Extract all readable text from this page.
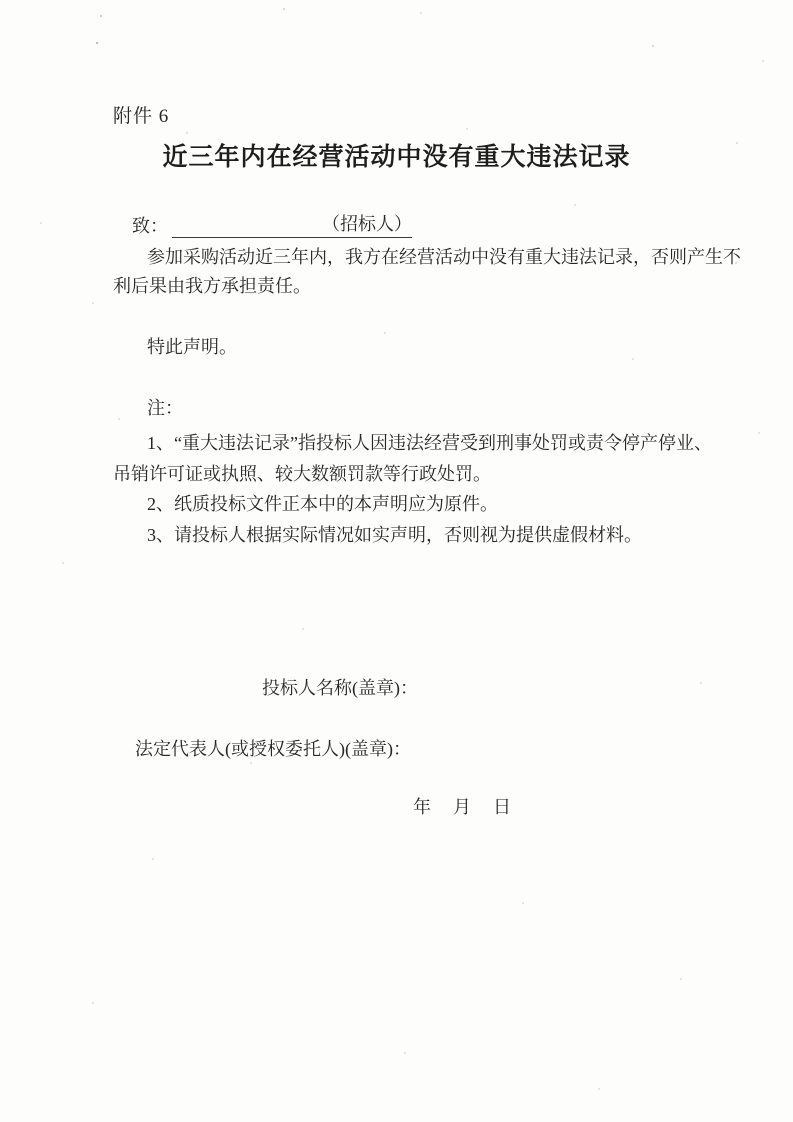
附件 6
近三年内在经营活动中没有重大违法记录
致：	（招标人）
参加采购活动近三年内，我方在经营活动中没有重大违法记录，否则产生不
利后果由我方承担责任。
特此声明。
注：
1、“重大违法记录”指投标人因违法经营受到刑事处罚或责令停产停业、
吊销许可证或执照、较大数额罚款等行政处罚。
2、纸质投标文件正本中的本声明应为原件。
3、请投标人根据实际情况如实声明，否则视为提供虚假材料。
投标人名称(盖章)：
法定代表人(或授权委托人)(盖章)：
年 月 日
